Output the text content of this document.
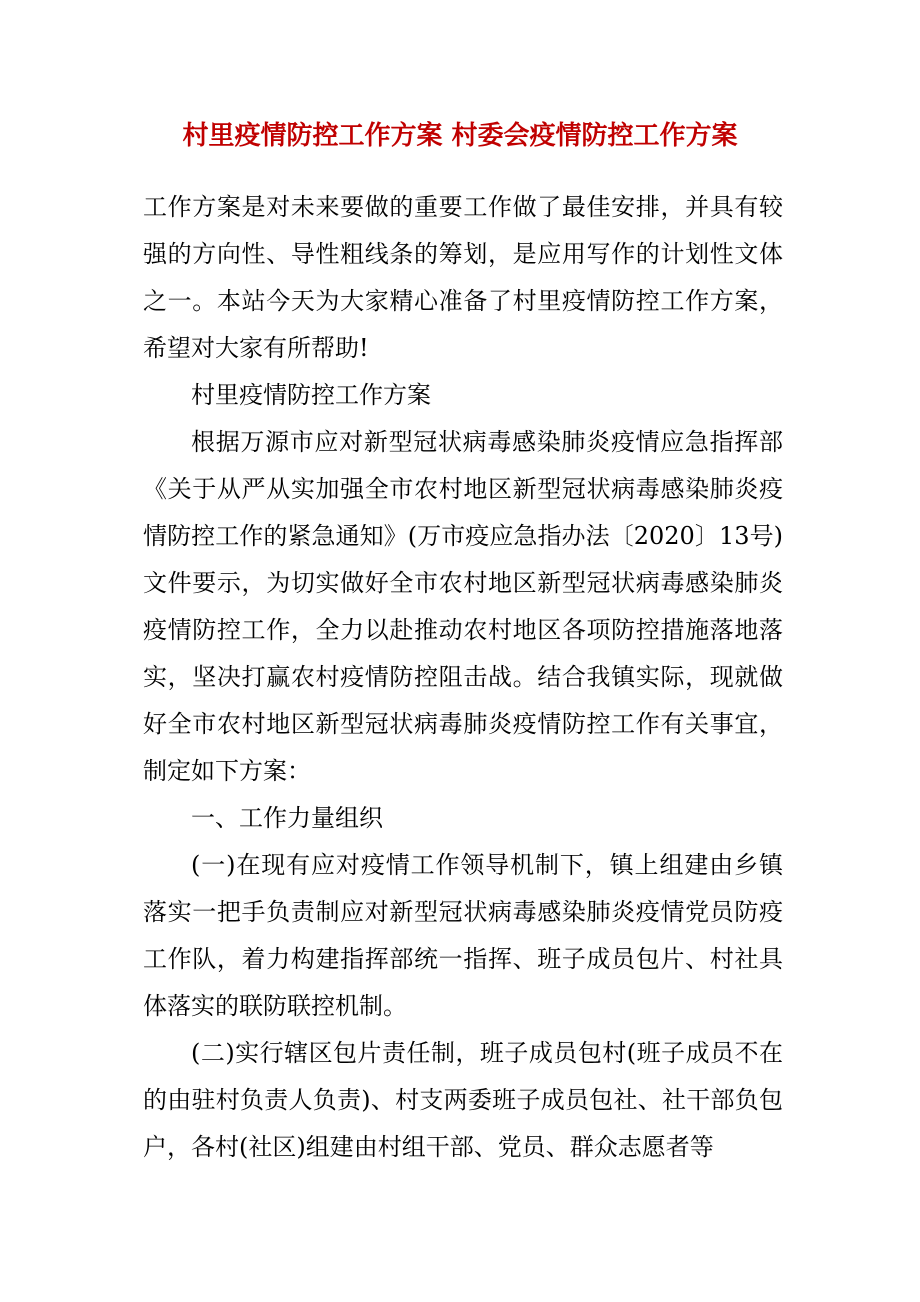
村里疫情防控工作方案 村委会疫情防控工作方案

工作方案是对未来要做的重要工作做了最佳安排，并具有较强的方向性、导性粗线条的筹划，是应用写作的计划性文体之一。本站今天为大家精心准备了村里疫情防控工作方案，希望对大家有所帮助!

村里疫情防控工作方案

根据万源市应对新型冠状病毒感染肺炎疫情应急指挥部《关于从严从实加强全市农村地区新型冠状病毒感染肺炎疫情防控工作的紧急通知》(万市疫应急指办法〔2020〕13号)文件要示，为切实做好全市农村地区新型冠状病毒感染肺炎疫情防控工作，全力以赴推动农村地区各项防控措施落地落实，坚决打赢农村疫情防控阻击战。结合我镇实际，现就做好全市农村地区新型冠状病毒肺炎疫情防控工作有关事宜，制定如下方案：

一、工作力量组织

(一)在现有应对疫情工作领导机制下，镇上组建由乡镇落实一把手负责制应对新型冠状病毒感染肺炎疫情党员防疫工作队，着力构建指挥部统一指挥、班子成员包片、村社具体落实的联防联控机制。

(二)实行辖区包片责任制，班子成员包村(班子成员不在的由驻村负责人负责)、村支两委班子成员包社、社干部负包户，各村(社区)组建由村组干部、党员、群众志愿者等
